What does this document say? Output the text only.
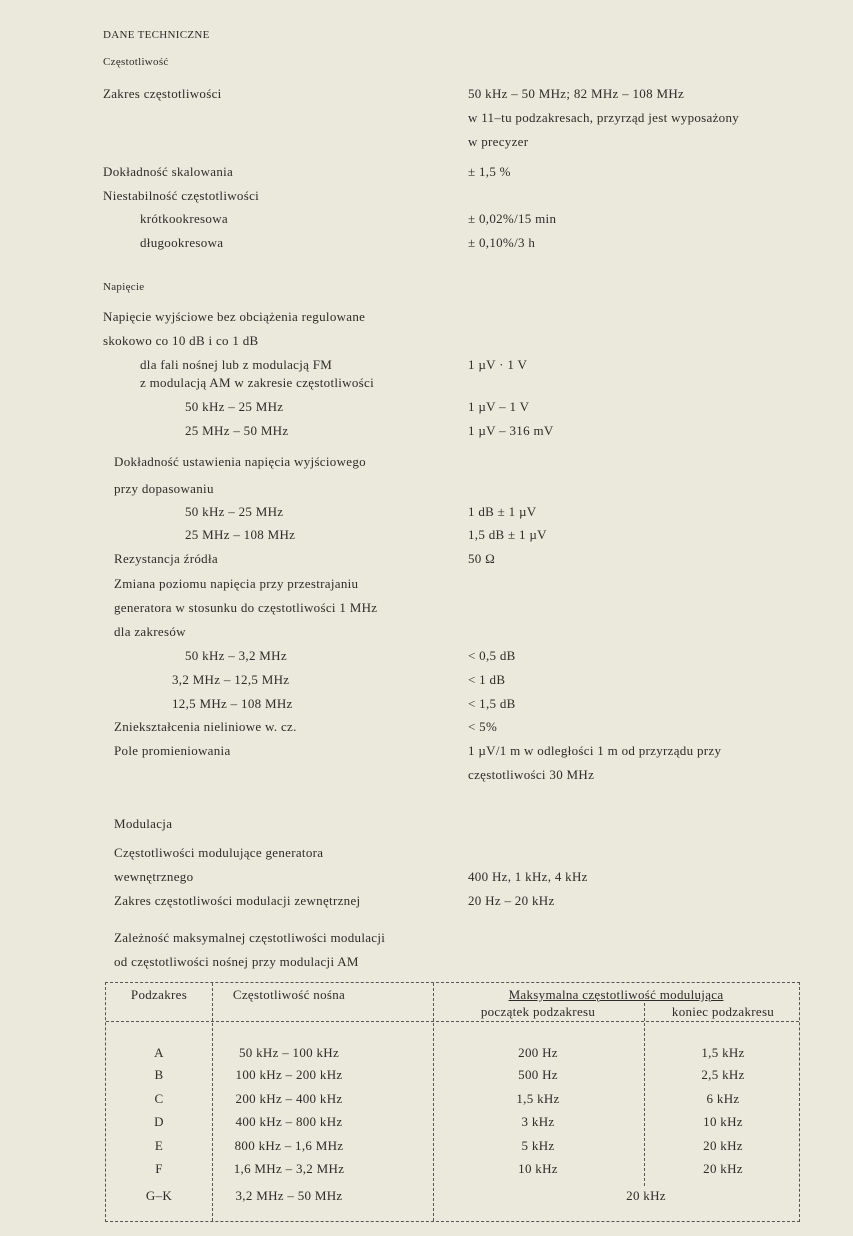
DANE TECHNICZNE
Częstotliwość
Napięcie
Modulacja
Zakres częstotliwości	50 kHz – 50 MHz; 82 MHz – 108 MHz
w 11–tu podzakresach, przyrząd jest wyposażony
w precyzer
Dokładność skalowania	± 1,5 %
Niestabilność częstotliwości
krótkookresowa	± 0,02%/15 min
długookresowa	± 0,10%/3 h
Napięcie wyjściowe bez obciążenia regulowane
skokowo co 10 dB i co 1 dB
dla fali nośnej lub z modulacją FM	1 µV · 1 V
z modulacją AM w zakresie częstotliwości
50 kHz – 25 MHz	1 µV – 1 V
25 MHz – 50 MHz	1 µV – 316 mV
Dokładność ustawienia napięcia wyjściowego
przy dopasowaniu
50 kHz – 25 MHz	1 dB ± 1 µV
25 MHz – 108 MHz	1,5 dB ± 1 µV
Rezystancja źródła	50 Ω
Zmiana poziomu napięcia przy przestrajaniu
generatora w stosunku do częstotliwości 1 MHz
dla zakresów
50 kHz – 3,2 MHz	< 0,5 dB
3,2 MHz – 12,5 MHz	< 1 dB
12,5 MHz – 108 MHz	< 1,5 dB
Zniekształcenia nieliniowe w. cz.	< 5%
Pole promieniowania	1 µV/1 m w odległości 1 m od przyrządu przy
częstotliwości 30 MHz
Częstotliwości modulujące generatora
wewnętrznego	400 Hz, 1 kHz, 4 kHz
Zakres częstotliwości modulacji zewnętrznej	20 Hz – 20 kHz
Zależność maksymalnej częstotliwości modulacji
od częstotliwości nośnej przy modulacji AM
Podzakres	Częstotliwość nośna	Maksymalna częstotliwość modulująca
początek podzakresu	koniec podzakresu
A	50 kHz – 100 kHz	200 Hz	1,5 kHz
B	100 kHz – 200 kHz	500 Hz	2,5 kHz
C	200 kHz – 400 kHz	1,5 kHz	6 kHz
D	400 kHz – 800 kHz	3 kHz	10 kHz
E	800 kHz – 1,6 MHz	5 kHz	20 kHz
F	1,6 MHz – 3,2 MHz	10 kHz	20 kHz
G–K	3,2 MHz – 50 MHz	20 kHz
